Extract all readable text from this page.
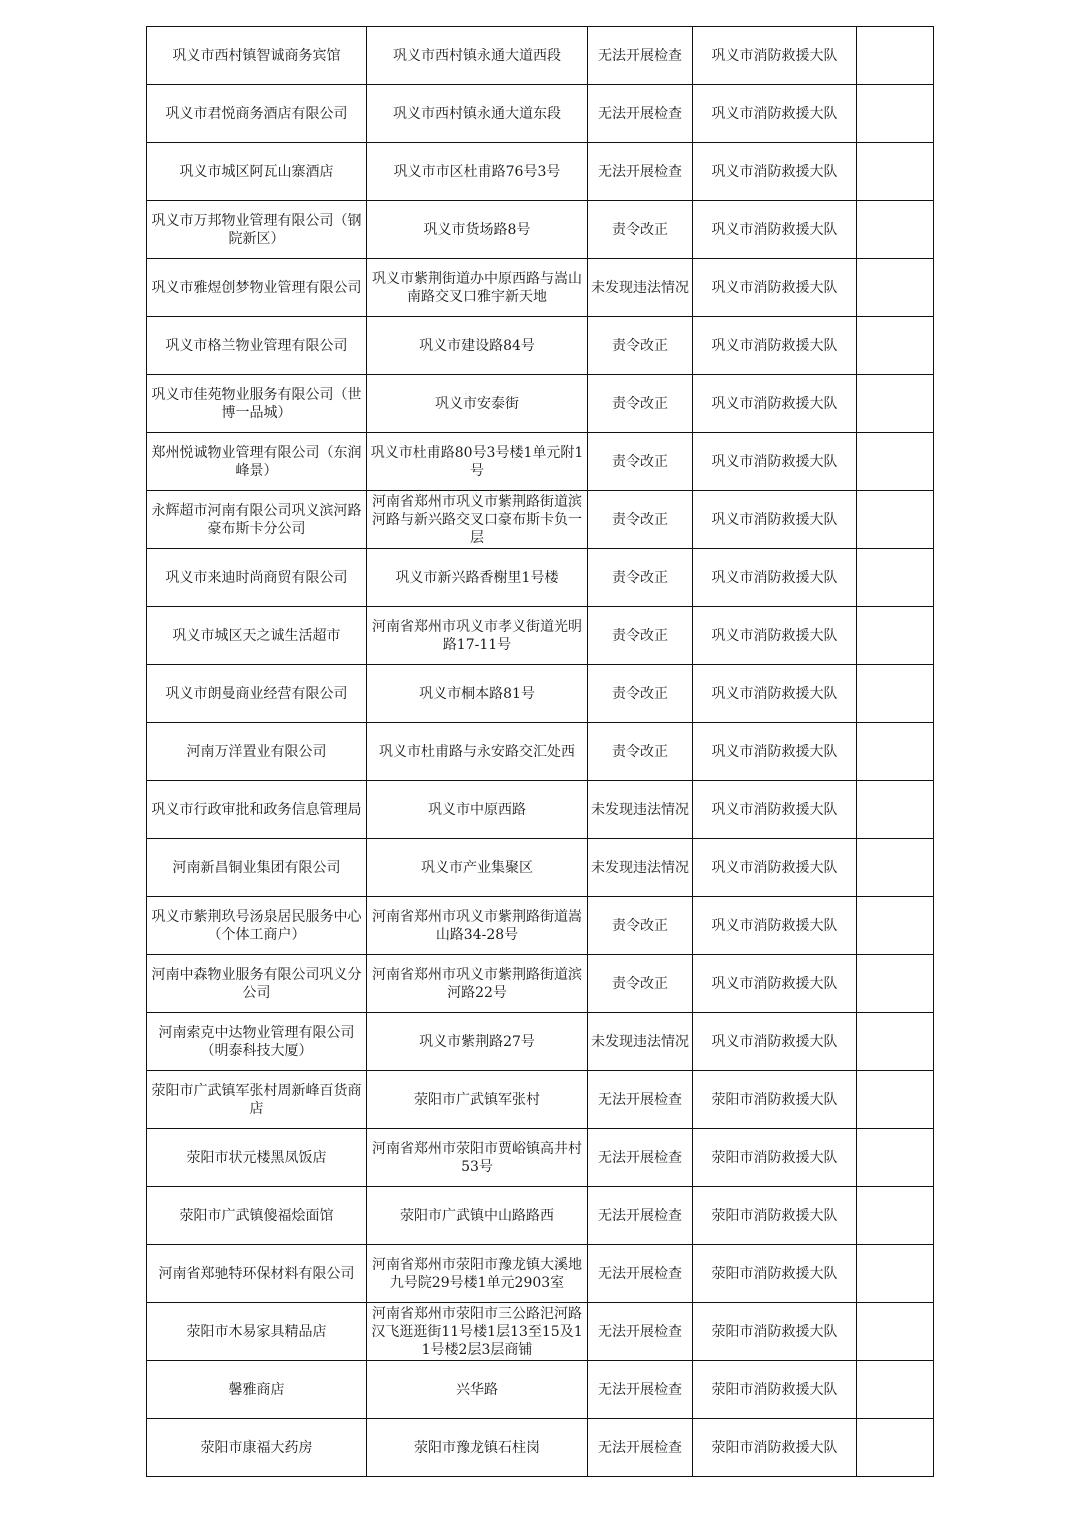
巩义市西村镇智诚商务宾馆	巩义市西村镇永通大道西段	无法开展检查	巩义市消防救援大队	
巩义市君悦商务酒店有限公司	巩义市西村镇永通大道东段	无法开展检查	巩义市消防救援大队	
巩义市城区阿瓦山寨酒店	巩义市市区杜甫路76号3号	无法开展检查	巩义市消防救援大队	
巩义市万邦物业管理有限公司（钢院新区）	巩义市货场路8号	责令改正	巩义市消防救援大队	
巩义市雅煜创梦物业管理有限公司	巩义市紫荆街道办中原西路与嵩山南路交叉口雅宇新天地	未发现违法情况	巩义市消防救援大队	
巩义市格兰物业管理有限公司	巩义市建设路84号	责令改正	巩义市消防救援大队	
巩义市佳苑物业服务有限公司（世博一品城）	巩义市安泰街	责令改正	巩义市消防救援大队	
郑州悦诚物业管理有限公司（东润峰景）	巩义市杜甫路80号3号楼1单元附1号	责令改正	巩义市消防救援大队	
永辉超市河南有限公司巩义滨河路豪布斯卡分公司	河南省郑州市巩义市紫荆路街道滨河路与新兴路交叉口豪布斯卡负一层	责令改正	巩义市消防救援大队	
巩义市来迪时尚商贸有限公司	巩义市新兴路香榭里1号楼	责令改正	巩义市消防救援大队	
巩义市城区天之诚生活超市	河南省郑州市巩义市孝义街道光明路17-11号	责令改正	巩义市消防救援大队	
巩义市朗曼商业经营有限公司	巩义市桐本路81号	责令改正	巩义市消防救援大队	
河南万洋置业有限公司	巩义市杜甫路与永安路交汇处西	责令改正	巩义市消防救援大队	
巩义市行政审批和政务信息管理局	巩义市中原西路	未发现违法情况	巩义市消防救援大队	
河南新昌铜业集团有限公司	巩义市产业集聚区	未发现违法情况	巩义市消防救援大队	
巩义市紫荆玖号汤泉居民服务中心（个体工商户）	河南省郑州市巩义市紫荆路街道嵩山路34-28号	责令改正	巩义市消防救援大队	
河南中森物业服务有限公司巩义分公司	河南省郑州市巩义市紫荆路街道滨河路22号	责令改正	巩义市消防救援大队	
河南索克中达物业管理有限公司（明泰科技大厦）	巩义市紫荆路27号	未发现违法情况	巩义市消防救援大队	
荥阳市广武镇军张村周新峰百货商店	荥阳市广武镇军张村	无法开展检查	荥阳市消防救援大队	
荥阳市状元楼黑凤饭店	河南省郑州市荥阳市贾峪镇高井村53号	无法开展检查	荥阳市消防救援大队	
荥阳市广武镇傻福烩面馆	荥阳市广武镇中山路路西	无法开展检查	荥阳市消防救援大队	
河南省郑驰特环保材料有限公司	河南省郑州市荥阳市豫龙镇大溪地九号院29号楼1单元2903室	无法开展检查	荥阳市消防救援大队	
荥阳市木易家具精品店	河南省郑州市荥阳市三公路汜河路汉飞逛逛街11号楼1层13至15及11号楼2层3层商铺	无法开展检查	荥阳市消防救援大队	
馨雅商店	兴华路	无法开展检查	荥阳市消防救援大队	
荥阳市康福大药房	荥阳市豫龙镇石柱岗	无法开展检查	荥阳市消防救援大队	
